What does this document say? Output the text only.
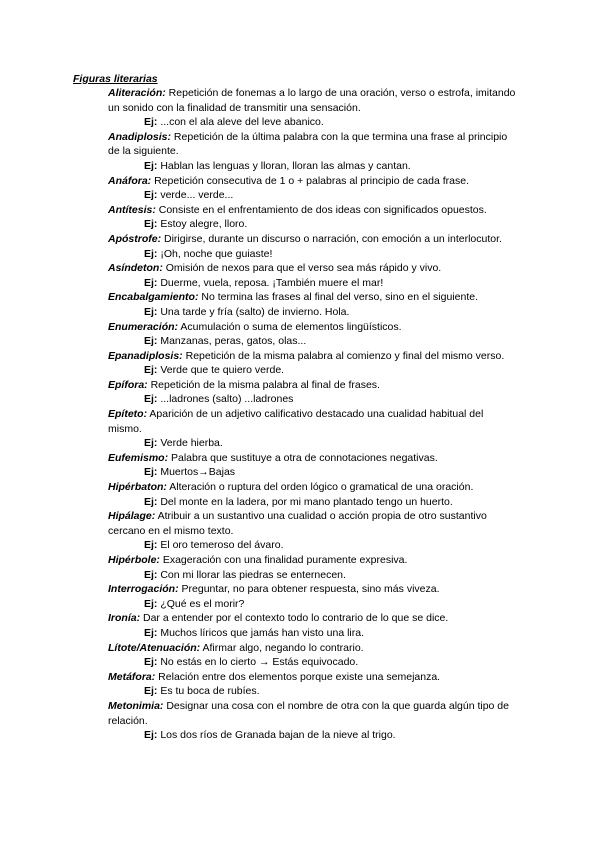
Figuras literarias

Aliteración: Repetición de fonemas a lo largo de una oración, verso o estrofa, imitando un sonido con la finalidad de transmitir una sensación.

Ej: ...con el ala aleve del leve abanico.

Anadiplosis: Repetición de la última palabra con la que termina una frase al principio de la siguiente.

Ej: Hablan las lenguas y lloran, lloran las almas y cantan.

Anáfora: Repetición consecutiva de 1 o + palabras al principio de cada frase.

Ej: verde... verde...

Antítesis: Consiste en el enfrentamiento de dos ideas con significados opuestos.

Ej: Estoy alegre, lloro.

Apóstrofe: Dirigirse, durante un discurso o narración, con emoción a un interlocutor.

Ej: ¡Oh, noche que guiaste!

Asíndeton: Omisión de nexos para que el verso sea más rápido y vivo.

Ej: Duerme, vuela, reposa. ¡También muere el mar!

Encabalgamiento: No termina las frases al final del verso, sino en el siguiente.

Ej: Una tarde y fría (salto) de invierno. Hola.

Enumeración: Acumulación o suma de elementos lingüísticos.

Ej: Manzanas, peras, gatos, olas...

Epanadiplosis: Repetición de la misma palabra al comienzo y final del mismo verso.

Ej: Verde que te quiero verde.

Epífora: Repetición de la misma palabra al final de frases.

Ej: ...ladrones (salto) ...ladrones

Epíteto: Aparición de un adjetivo calificativo destacado una cualidad habitual del mismo.

Ej: Verde hierba.

Eufemismo: Palabra que sustituye a otra de connotaciones negativas.

Ej: Muertos→Bajas

Hipérbaton: Alteración o ruptura del orden lógico o gramatical de una oración.

Ej: Del monte en la ladera, por mi mano plantado tengo un huerto.

Hipálage: Atribuir a un sustantivo una cualidad o acción propia de otro sustantivo cercano en el mismo texto.

Ej: El oro temeroso del ávaro.

Hipérbole: Exageración con una finalidad puramente expresiva.

Ej: Con mi llorar las piedras se enternecen.

Interrogación: Preguntar, no para obtener respuesta, sino más viveza.

Ej: ¿Qué es el morir?

Ironía: Dar a entender por el contexto todo lo contrario de lo que se dice.

Ej: Muchos líricos que jamás han visto una lira.

Lítote/Atenuación: Afirmar algo, negando lo contrario.

Ej: No estás en lo cierto → Estás equivocado.

Metáfora: Relación entre dos elementos porque existe una semejanza.

Ej: Es tu boca de rubíes.

Metonimia: Designar una cosa con el nombre de otra con la que guarda algún tipo de relación.

Ej: Los dos ríos de Granada bajan de la nieve al trigo.
